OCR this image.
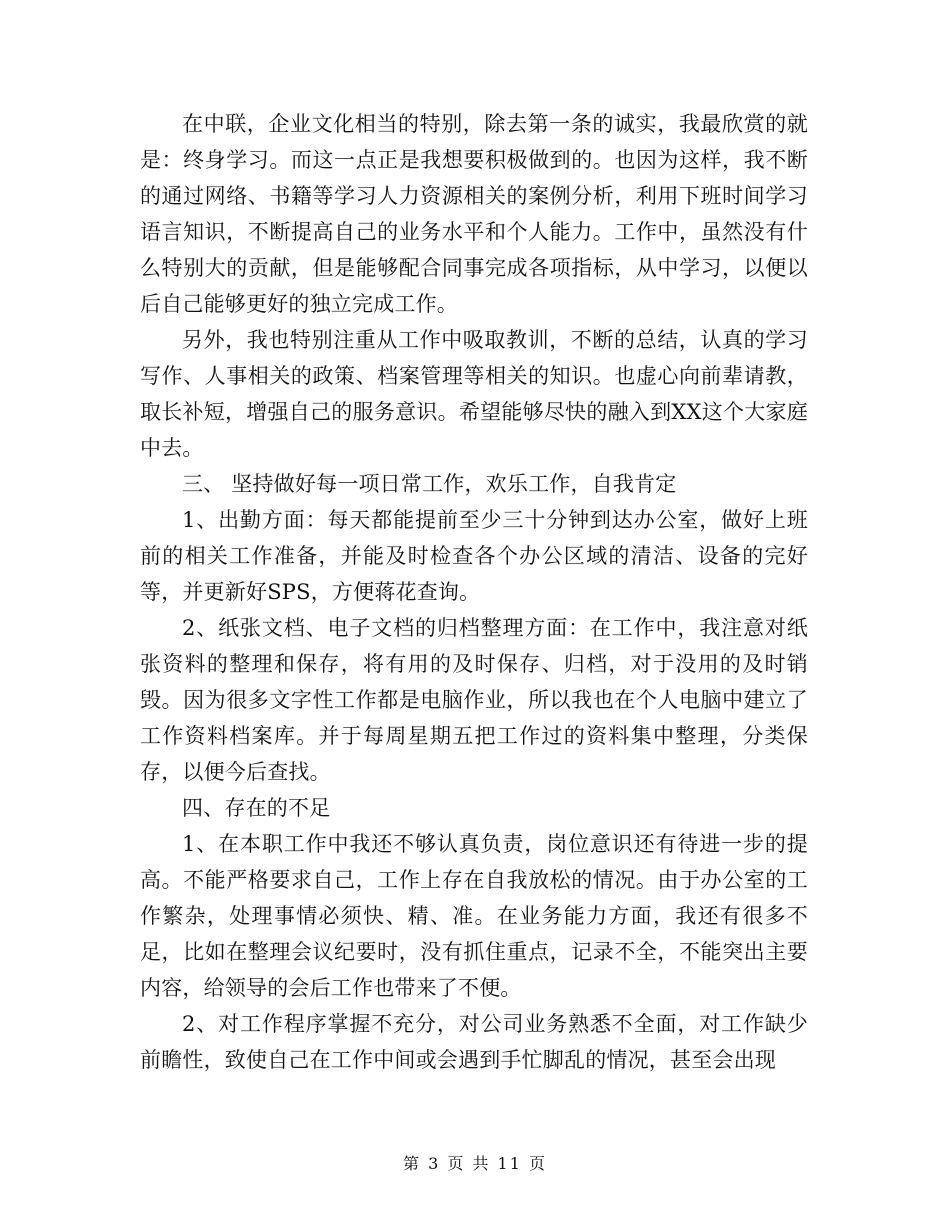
在中联，企业文化相当的特别，除去第一条的诚实，我最欣赏的就是：终身学习。而这一点正是我想要积极做到的。也因为这样，我不断的通过网络、书籍等学习人力资源相关的案例分析，利用下班时间学习语言知识，不断提高自己的业务水平和个人能力。工作中，虽然没有什么特别大的贡献，但是能够配合同事完成各项指标，从中学习，以便以后自己能够更好的独立完成工作。

另外，我也特别注重从工作中吸取教训，不断的总结，认真的学习写作、人事相关的政策、档案管理等相关的知识。也虚心向前辈请教，取长补短，增强自己的服务意识。希望能够尽快的融入到XX这个大家庭中去。

三、 坚持做好每一项日常工作，欢乐工作，自我肯定

1、出勤方面：每天都能提前至少三十分钟到达办公室，做好上班前的相关工作准备，并能及时检查各个办公区域的清洁、设备的完好等，并更新好SPS，方便蒋花查询。

2、纸张文档、电子文档的归档整理方面：在工作中，我注意对纸张资料的整理和保存，将有用的及时保存、归档，对于没用的及时销毁。因为很多文字性工作都是电脑作业，所以我也在个人电脑中建立了工作资料档案库。并于每周星期五把工作过的资料集中整理，分类保存，以便今后查找。

四、存在的不足

1、在本职工作中我还不够认真负责，岗位意识还有待进一步的提高。不能严格要求自己，工作上存在自我放松的情况。由于办公室的工作繁杂，处理事情必须快、精、准。在业务能力方面，我还有很多不足，比如在整理会议纪要时，没有抓住重点，记录不全，不能突出主要内容，给领导的会后工作也带来了不便。

2、对工作程序掌握不充分，对公司业务熟悉不全面，对工作缺少前瞻性，致使自己在工作中间或会遇到手忙脚乱的情况，甚至会出现

第 3 页 共 11 页
